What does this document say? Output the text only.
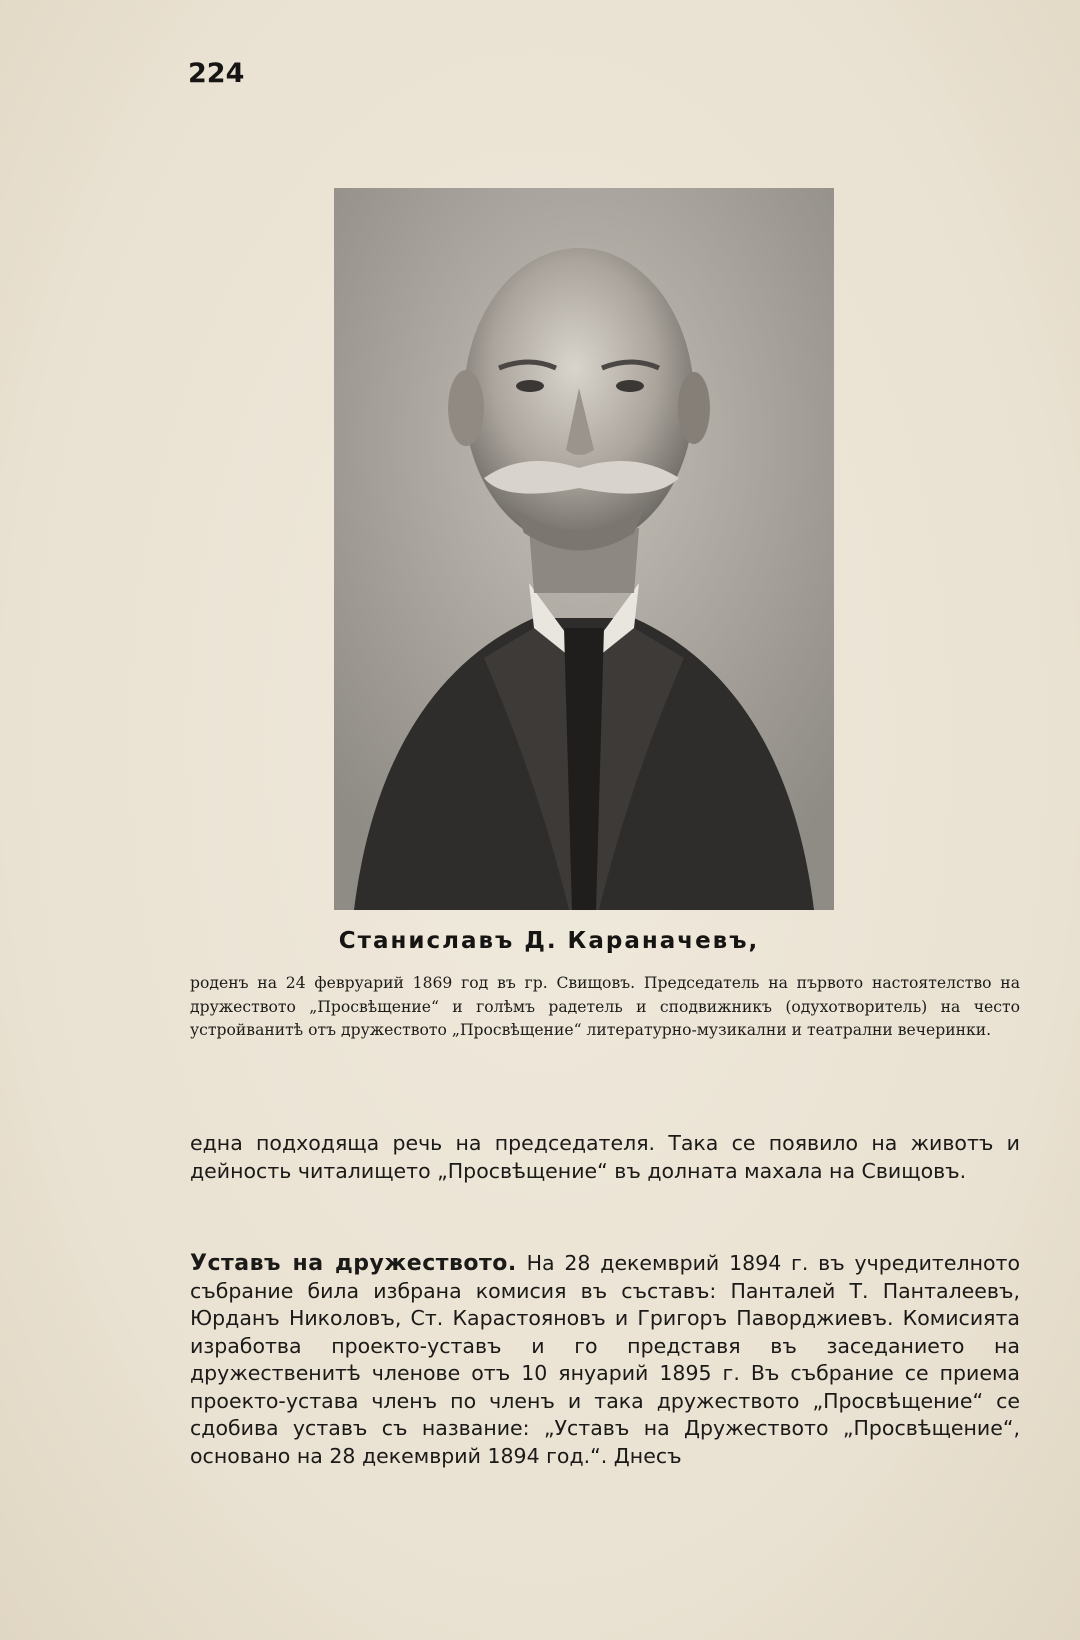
224
Станиславъ Д. Караначевъ,
роденъ на 24 февруарий 1869 год въ гр. Свищовъ. Председатель на първото настоятелство на дружеството „Просвѣщение“ и голѣмъ радетель и сподвижникъ (одухотворитель) на често устройванитѣ отъ дружеството „Просвѣщение“ литературно-музикални и театрални вечеринки.
една подходяща речь на председателя. Така се появило на животъ и дейность читалището „Просвѣщение“ въ долната махала на Свищовъ.
Уставъ на дружеството. На 28 декемврий 1894 г. въ учредителното събрание била избрана комисия въ съставъ: Панталей Т. Панталеевъ, Юрданъ Николовъ, Ст. Карастояновъ и Григоръ Паворджиевъ. Комисията изработва проекто-уставъ и го представя въ заседанието на дружественитѣ членове отъ 10 януарий 1895 г. Въ събрание се приема проекто-устава членъ по членъ и така дружеството „Просвѣщение“ се сдобива уставъ съ название: „Уставъ на Дружеството „Просвѣщение“, основано на 28 декемврий 1894 год.“. Днесъ
